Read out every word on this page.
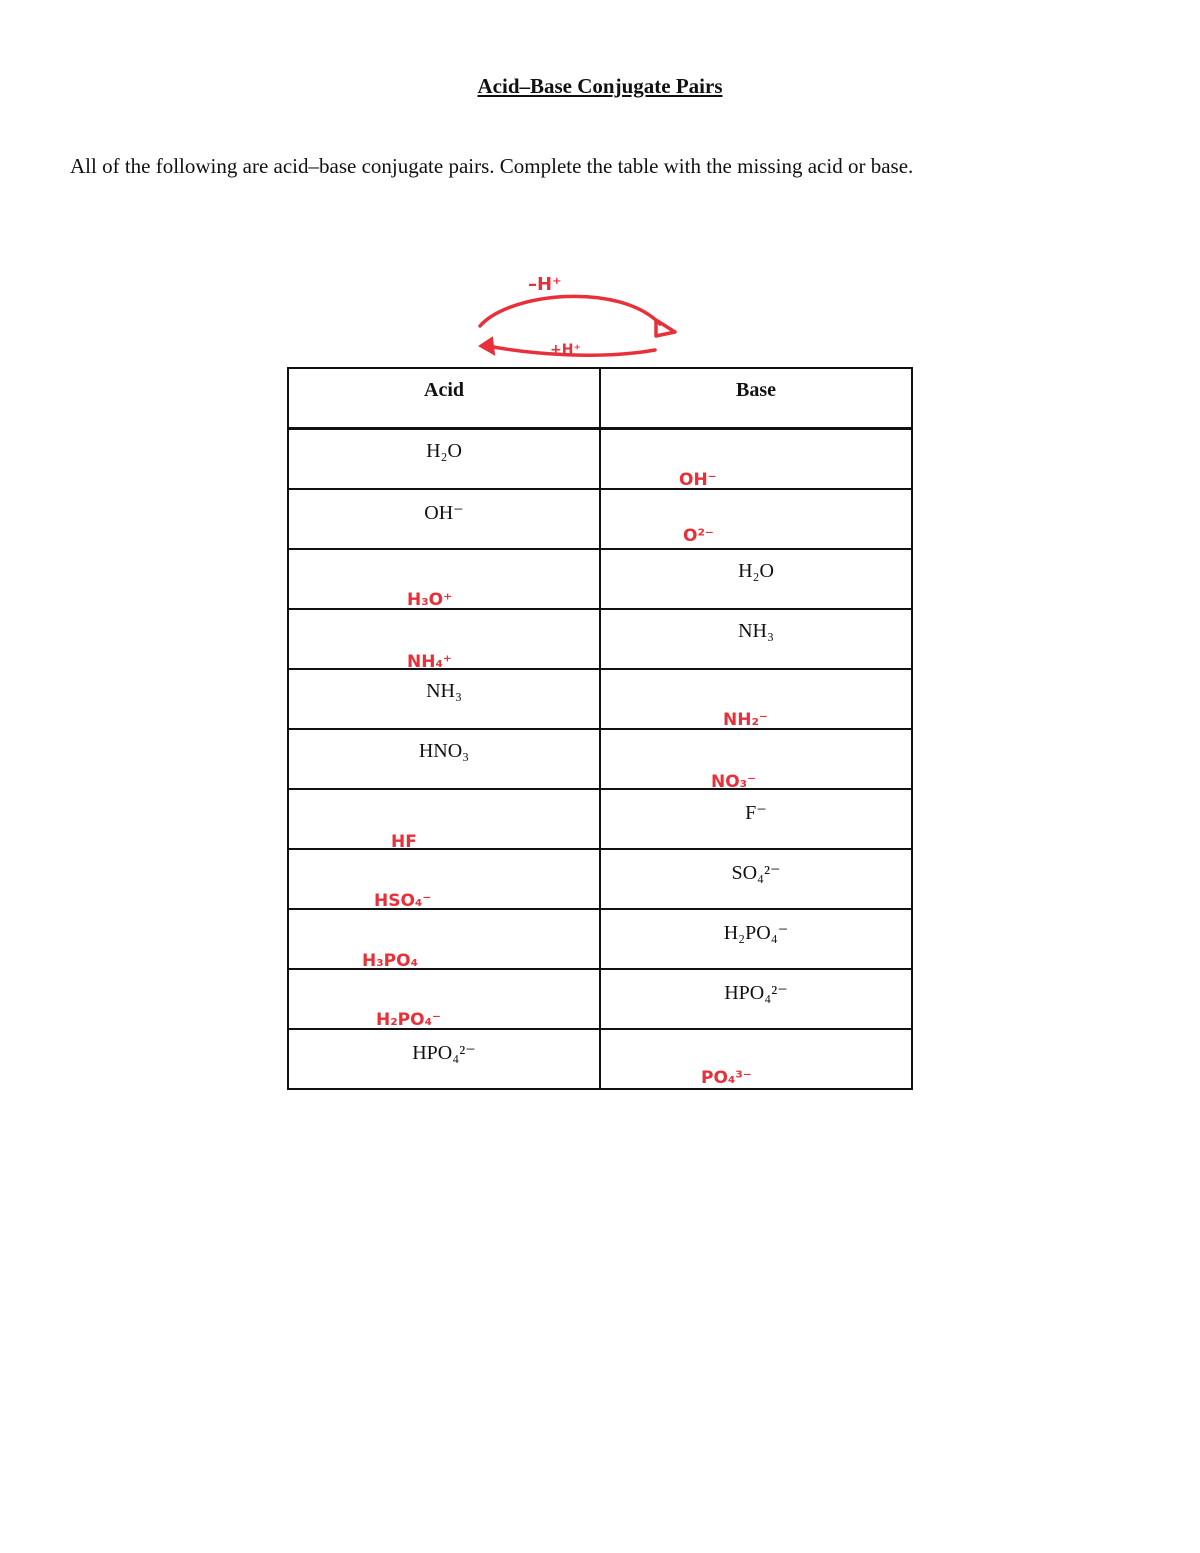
Acid–Base Conjugate Pairs
All of the following are acid–base conjugate pairs. Complete the table with the missing acid or base.
–H⁺
+H⁺
Acid	Base

H₂O	OH⁻

OH⁻	O²⁻

H₃O⁺	H₂O

NH₄⁺	NH₃

NH₃	NH₂⁻

HNO₃	NO₃⁻

HF	F⁻

HSO₄⁻	SO₄²⁻

H₃PO₄	H₂PO₄⁻

H₂PO₄⁻	HPO₄²⁻

HPO₄²⁻	PO₄³⁻
